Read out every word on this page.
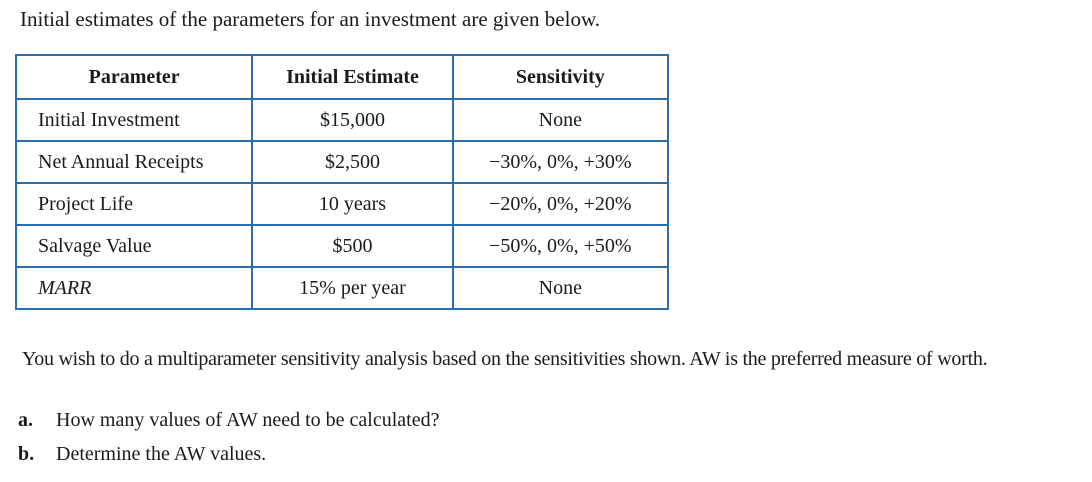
Initial estimates of the parameters for an investment are given below.
Parameter	Initial Estimate	Sensitivity
Initial Investment	$15,000	None
Net Annual Receipts	$2,500	−30%, 0%, +30%
Project Life	10 years	−20%, 0%, +20%
Salvage Value	$500	−50%, 0%, +50%
MARR	15% per year	None
You wish to do a multiparameter sensitivity analysis based on the sensitivities shown. AW is the preferred measure of worth.
a. How many values of AW need to be calculated?
b. Determine the AW values.
